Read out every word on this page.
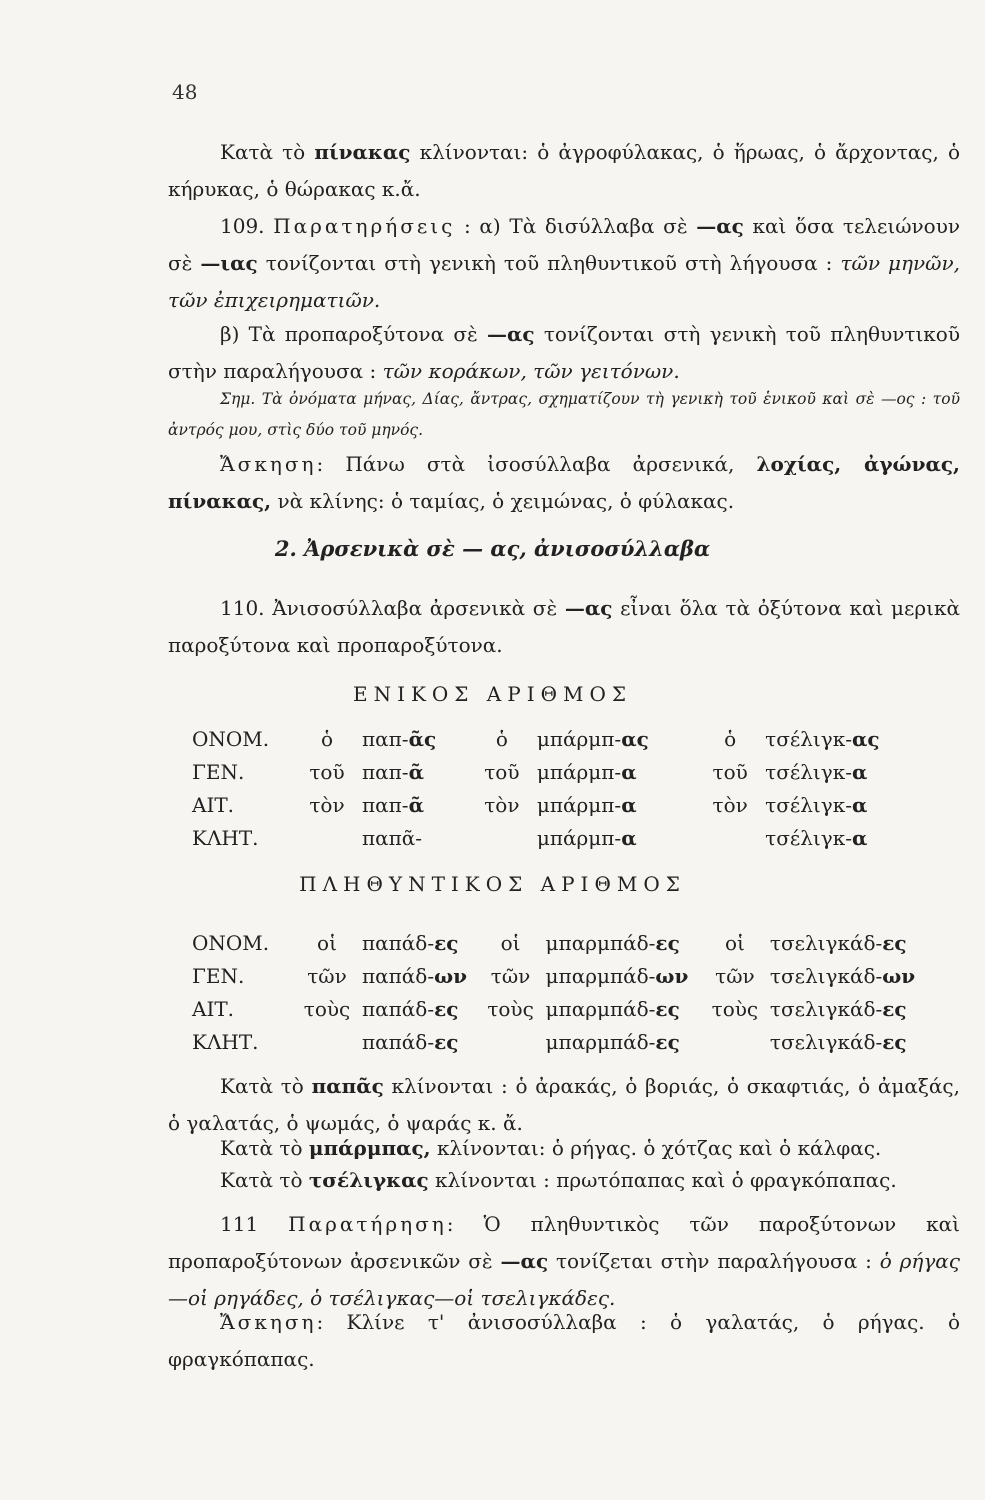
48

Κατὰ τὸ πίνακας κλίνονται: ὁ ἀγροφύλακας, ὁ ἥρωας, ὁ ἄρχοντας, ὁ κήρυκας, ὁ θώρακας κ.ἄ.

109. Παρατηρήσεις : α) Τὰ δισύλλαβα σὲ —ας καὶ ὅσα τελειώνουν σὲ —ιας τονίζονται στὴ γενικὴ τοῦ πληθυντικοῦ στὴ λήγουσα : τῶν μηνῶν, τῶν ἐπιχειρηματιῶν.

β) Τὰ προπαροξύτονα σὲ —ας τονίζονται στὴ γενικὴ τοῦ πληθυντικοῦ στὴν παραλήγουσα : τῶν κοράκων, τῶν γειτόνων.

Σημ. Τὰ ὀνόματα μήνας, Δίας, ἄντρας, σχηματίζουν τὴ γενικὴ τοῦ ἑνικοῦ καὶ σὲ —ος : τοῦ ἀντρός μου, στὶς δύο τοῦ μηνός.

Ἄσκηση: Πάνω στὰ ἰσοσύλλαβα ἀρσενικά, λοχίας, ἀγώνας, πίνακας, νὰ κλίνης: ὁ ταμίας, ὁ χειμώνας, ὁ φύλακας.

2. Ἀρσενικὰ σὲ — ας, ἀνισοσύλλαβα

110. Ἀνισοσύλλαβα ἀρσενικὰ σὲ —ας εἶναι ὅλα τὰ ὀξύτονα καὶ μερικὰ παροξύτονα καὶ προπαροξύτονα.

ΕΝΙΚΟΣ ΑΡΙΘΜΟΣ

ΟΝΟΜ.	ὁ	παπ-ᾶς	ὁ	μπάρμπ-ας	ὁ	τσέλιγκ-ας
ΓΕΝ.	τοῦ	παπ-ᾶ	τοῦ	μπάρμπ-α	τοῦ	τσέλιγκ-α
ΑΙΤ.	τὸν	παπ-ᾶ	τὸν	μπάρμπ-α	τὸν	τσέλιγκ-α
ΚΛΗΤ.		παπᾶ-		μπάρμπ-α		τσέλιγκ-α

ΠΛΗΘΥΝΤΙΚΟΣ ΑΡΙΘΜΟΣ

ΟΝΟΜ.	οἱ	παπάδ-ες	οἱ	μπαρμπάδ-ες	οἱ	τσελιγκάδ-ες
ΓΕΝ.	τῶν	παπάδ-ων	τῶν	μπαρμπάδ-ων	τῶν	τσελιγκάδ-ων
ΑΙΤ.	τοὺς	παπάδ-ες	τοὺς	μπαρμπάδ-ες	τοὺς	τσελιγκάδ-ες
ΚΛΗΤ.		παπάδ-ες		μπαρμπάδ-ες		τσελιγκάδ-ες

Κατὰ τὸ παπᾶς κλίνονται : ὁ ἀρακάς, ὁ βοριάς, ὁ σκαφτιάς, ὁ ἀμαξάς, ὁ γαλατάς, ὁ ψωμάς, ὁ ψαράς κ. ἄ.

Κατὰ τὸ μπάρμπας, κλίνονται: ὁ ρήγας. ὁ χότζας καὶ ὁ κάλφας.

Κατὰ τὸ τσέλιγκας κλίνονται : πρωτόπαπας καὶ ὁ φραγκόπαπας.

111 Παρατήρηση: Ὁ πληθυντικὸς τῶν παροξύτονων καὶ προπαροξύτονων ἀρσενικῶν σὲ —ας τονίζεται στὴν παραλήγουσα : ὁ ρήγας—οἱ ρηγάδες, ὁ τσέλιγκας—οἱ τσελιγκάδες.

Ἄσκηση: Κλίνε τ' ἀνισοσύλλαβα : ὁ γαλατάς, ὁ ρήγας. ὁ φραγκόπαπας.
